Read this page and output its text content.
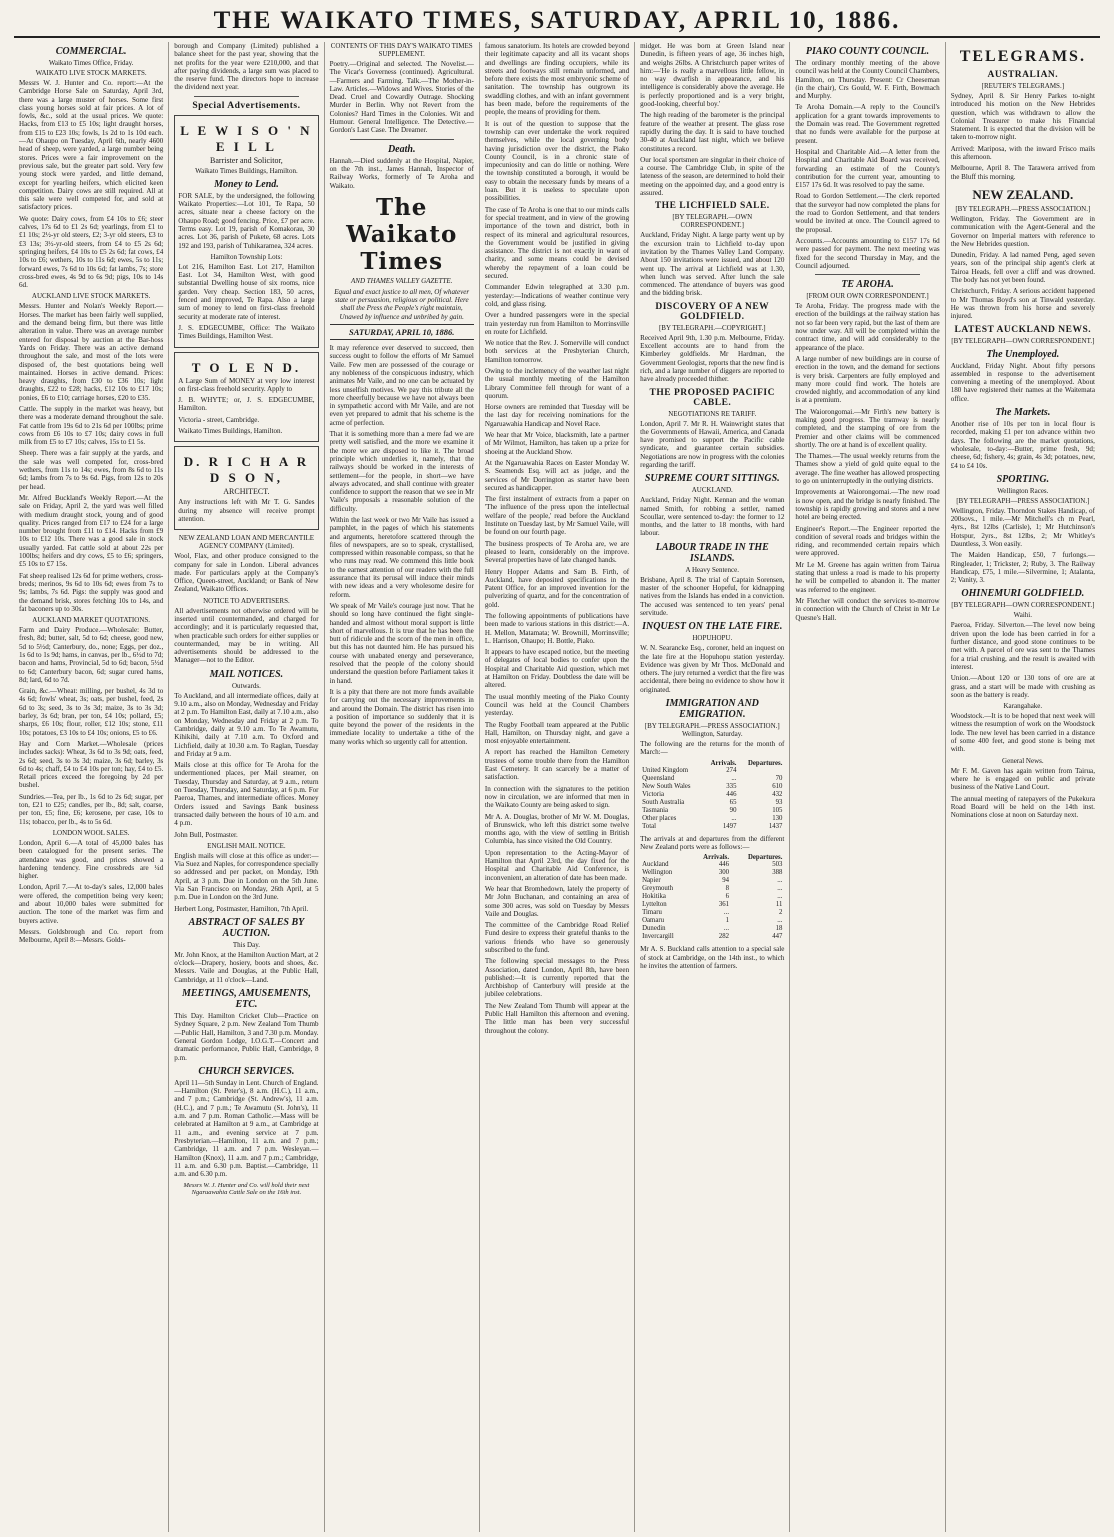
THE WAIKATO TIMES, SATURDAY, APRIL 10, 1886.
COMMERCIAL.
Waikato Times Office, Friday.
WAIKATO LIVE STOCK MARKETS.

Messrs W. J. Hunter and Co. report:—At the Cambridge Horse Sale on Saturday, April 3rd, there was a large muster of horses. Some first class young horses sold at fair prices. A lot of fowls, &c., sold at the usual prices. We quote: Hacks, from £13 to £5 10s; light draught horses, from £15 to £23 10s; fowls, 1s 2d to 1s 10d each. —At Ohaupo on Tuesday, April 6th, nearly 4600 head of sheep, were yarded, a large number being stores. Prices were a fair improvement on the previous sale, but the greater part sold. Very few young stock were yarded, and little demand, except for yearling heifers, which elicited keen competition. Dairy cows are still required. All at this sale were well competed for, and sold at satisfactory prices.

We quote: Dairy cows, from £4 10s to £6; steer calves, 17s 6d to £1 2s 6d; yearlings, from £1 to £1 10s; 2½-yr old steers, £2; 3-yr old steers, £3 to £3 13s; 3½-yr-old steers, from £4 to £5 2s 6d; springing heifers, £4 10s to £5 2s 6d; fat cows, £4 10s to £6; wethers, 10s to 11s 6d; ewes, 5s to 11s; forward ewes, 7s 6d to 10s 6d; fat lambs, 7s; store cross-bred ewes, 4s 9d to 6s 9d; pigs, 10s to 14s 6d.

AUCKLAND LIVE STOCK MARKETS.

Messrs. Hunter and Nolan's Weekly Report.—Horses. The market has been fairly well supplied, and the demand being firm, but there was little alteration in value. There was an average number entered for disposal by auction at the Bar-hoss Yards on Friday. There was an active demand throughout the sale, and most of the lots were disposed of, the best quotations being well maintained. Horses in active demand. Prices: heavy draughts, from £30 to £36 10s; light draughts, £22 to £28; hacks, £12 10s to £17 10s; ponies, £6 to £10; carriage horses, £20 to £35.

Cattle. The supply in the market was heavy, but there was a moderate demand throughout the sale. Fat cattle from 19s 6d to 21s 6d per 100lbs; prime cows from £6 10s to £7 10s; dairy cows in full milk from £5 to £7 10s; calves, 15s to £1 5s.

Sheep. There was a fair supply at the yards, and the sale was well competed for, cross-bred wethers, from 11s to 14s; ewes, from 8s 6d to 11s 6d; lambs from 7s to 9s 6d. Pigs, from 12s to 20s per head.

Mr. Alfred Buckland's Weekly Report.—At the sale on Friday, April 2, the yard was well filled with medium draught stock, young and of good quality. Prices ranged from £17 to £24 for a large number brought from £11 to £14. Hacks from £9 10s to £12 10s. There was a good sale in stock usually yarded. Fat cattle sold at about 22s per 100lbs; heifers and dry cows, £5 to £6; springers, £5 10s to £7 15s.

Fat sheep realised 12s 6d for prime wethers, cross-breds; merinos, 9s 6d to 10s 6d; ewes from 7s to 9s; lambs, 7s 6d. Pigs: the supply was good and the demand brisk, stores fetching 10s to 14s, and fat baconers up to 30s.

AUCKLAND MARKET QUOTATIONS.

Farm and Dairy Produce.—Wholesale: Butter, fresh, 8d; butter, salt, 5d to 6d; cheese, good new, 5d to 5½d; Canterbury, do., none; Eggs, per doz., 1s 6d to 1s 9d; hams, in canvas, per lb., 6½d to 7d; bacon and hams, Provincial, 5d to 6d; bacon, 5½d to 6d; Canterbury bacon, 6d; sugar cured hams, 8d; lard, 6d to 7d.

Grain, &c.—Wheat: milling, per bushel, 4s 3d to 4s 6d; fowls' wheat, 3s; oats, per bushel, feed, 2s 6d to 3s; seed, 3s to 3s 3d; maize, 3s to 3s 3d; barley, 3s 6d; bran, per ton, £4 10s; pollard, £5; sharps, £6 10s; flour, roller, £12 10s; stone, £11 10s; potatoes, £3 10s to £4 10s; onions, £5 to £6.

Hay and Corn Market.—Wholesale (prices includes sacks): Wheat, 3s 6d to 3s 9d; oats, feed, 2s 6d; seed, 3s to 3s 3d; maize, 3s 6d; barley, 3s 6d to 4s; chaff, £4 to £4 10s per ton; hay, £4 to £5. Retail prices exceed the foregoing by 2d per bushel.

Sundries.—Tea, per lb., 1s 6d to 2s 6d; sugar, per ton, £21 to £25; candles, per lb., 8d; salt, coarse, per ton, £5; fine, £6; kerosene, per case, 10s to 11s; tobacco, per lb., 4s to 5s 6d.

LONDON WOOL SALES.

London, April 6.—A total of 45,000 bales has been catalogued for the present series. The attendance was good, and prices showed a hardening tendency. Fine crossbreds are ¼d higher.

London, April 7.—At to-day's sales, 12,000 bales were offered, the competition being very keen; and about 10,000 bales were submitted for auction. The tone of the market was firm and buyers active.

Messrs. Goldsbrough and Co. report from Melbourne, April 8:—Messrs. Golds-

borough and Company (Limited) published a balance sheet for the past year, showing that the net profits for the year were £210,000, and that after paying dividends, a large sum was placed to the reserve fund. The directors hope to increase the dividend next year.

Special Advertisements.
L E W I S O ' N E I L L
Barrister and Solicitor,
Waikato Times Buildings, Hamilton.
Money to Lend.

FOR SALE, by the undersigned, the following Waikato Properties:—Lot 101, Te Rapa, 50 acres, situate near a cheese factory on the Ohaupo Road; good fencing. Price, £7 per acre. Terms easy. Lot 19, parish of Komakorau, 30 acres. Lot 36, parish of Pukete, 68 acres. Lots 192 and 193, parish of Tuhikaramea, 324 acres.

Hamilton Township Lots:

Lot 216, Hamilton East. Lot 217, Hamilton East. Lot 34, Hamilton West, with good substantial Dwelling house of six rooms, nice garden. Very cheap. Section 183, 50 acres, fenced and improved, Te Rapa. Also a large sum of money to lend on first-class freehold security at moderate rate of interest.

J. S. EDGECUMBE, Office: The Waikato Times Buildings, Hamilton West.

T O L E N D.

A Large Sum of MONEY at very low interest on first-class freehold security. Apply to

J. B. WHYTE; or, J. S. EDGECUMBE, Hamilton.

Victoria - street, Cambridge.

Waikato Times Buildings, Hamilton.

D. R I C H A R D S O N,
ARCHITECT.

Any instructions left with Mr T. G. Sandes during my absence will receive prompt attention.

NEW ZEALAND LOAN AND MERCANTILE AGENCY COMPANY (Limited).

Wool, Flax, and other produce consigned to the company for sale in London. Liberal advances made. For particulars apply at the Company's Office, Queen-street, Auckland; or Bank of New Zealand, Waikato Offices.

NOTICE TO ADVERTISERS.

All advertisements not otherwise ordered will be inserted until countermanded, and charged for accordingly; and it is particularly requested that, when practicable such orders for either supplies or countermanded, may be in writing. All advertisements should be addressed to the Manager—not to the Editor.

MAIL NOTICES.
Outwards.

To Auckland, and all intermediate offices, daily at 9.10 a.m., also on Monday, Wednesday and Friday at 2 p.m. To Hamilton East, daily at 7.10 a.m., also on Monday, Wednesday and Friday at 2 p.m. To Cambridge, daily at 9.10 a.m. To Te Awamutu, Kihikihi, daily at 7.10 a.m. To Oxford and Lichfield, daily at 10.30 a.m. To Raglan, Tuesday and Friday at 9 a.m.

Mails close at this office for Te Aroha for the undermentioned places, per Mail steamer, on Tuesday, Thursday and Saturday, at 9 a.m., return on Tuesday, Thursday, and Saturday, at 6 p.m. For Paeroa, Thames, and intermediate offices. Money Orders issued and Savings Bank business transacted daily between the hours of 10 a.m. and 4 p.m.

John Bull, Postmaster.

ENGLISH MAIL NOTICE.

English mails will close at this office as under:—Via Suez and Naples, for correspondence specially so addressed and per packet, on Monday, 19th April, at 3 p.m. Due in London on the 5th June. Via San Francisco on Monday, 26th April, at 5 p.m. Due in London on the 3rd June.

Herbert Long, Postmaster, Hamilton, 7th April.

ABSTRACT OF SALES BY AUCTION.
This Day.

Mr. John Knox, at the Hamilton Auction Mart, at 2 o'clock—Drapery, hosiery, boots and shoes, &c. Messrs. Vaile and Douglas, at the Public Hall, Cambridge, at 11 o'clock—Land.

MEETINGS, AMUSEMENTS, ETC.

This Day. Hamilton Cricket Club—Practice on Sydney Square, 2 p.m. New Zealand Tom Thumb—Public Hall, Hamilton, 3 and 7.30 p.m. Monday. General Gordon Lodge, I.O.G.T.—Concert and dramatic performance, Public Hall, Cambridge, 8 p.m.

CHURCH SERVICES.

April 11—5th Sunday in Lent. Church of England.—Hamilton (St. Peter's), 8 a.m. (H.C.), 11 a.m., and 7 p.m.; Cambridge (St. Andrew's), 11 a.m. (H.C.), and 7 p.m.; Te Awamutu (St. John's), 11 a.m. and 7 p.m. Roman Catholic.—Mass will be celebrated at Hamilton at 9 a.m., at Cambridge at 11 a.m., and evening service at 7 p.m. Presbyterian.—Hamilton, 11 a.m. and 7 p.m.; Cambridge, 11 a.m. and 7 p.m. Wesleyan.—Hamilton (Knox), 11 a.m. and 7 p.m.; Cambridge, 11 a.m. and 6.30 p.m. Baptist.—Cambridge, 11 a.m. and 6.30 p.m.

Messrs W. J. Hunter and Co. will hold their next Ngaruawahia Cattle Sale on the 16th inst.
CONTENTS OF THIS DAY'S WAIKATO TIMES SUPPLEMENT.

Poetry.—Original and selected. The Novelist.—The Vicar's Governess (continued). Agricultural.—Farmers and Farming. Talk.—The Mother-in-Law. Articles.—Widows and Wives. Stories of the Dead. Cruel and Cowardly Outrage. Shocking Murder in Berlin. Why not Revert from the Colonies? Hard Times in the Colonies. Wit and Humour. General Intelligence. The Detective.—Gordon's Last Case. The Dreamer.

Death.

Hannah.—Died suddenly at the Hospital, Napier, on the 7th inst., James Hannah, Inspector of Railway Works, formerly of Te Aroha and Waikato.

The Waikato Times
AND THAMES VALLEY GAZETTE.

Equal and exact justice to all men, Of whatever state or persuasion, religious or political. Here shall the Press the People's right maintain, Unawed by influence and unbribed by gain.

SATURDAY, APRIL 10, 1886.

It may reference ever deserved to succeed, then success ought to follow the efforts of Mr Samuel Vaile. Few men are possessed of the courage or any nobleness of the conspicuous industry, which animates Mr Vaile, and no one can be actuated by less unselfish motives. We pay this tribute all the more cheerfully because we have not always been in sympathetic accord with Mr Vaile, and are not even yet prepared to admit that his scheme is the acme of perfection.

That it is something more than a mere fad we are pretty well satisfied, and the more we examine it the more we are disposed to like it. The broad principle which underlies it, namely, that the railways should be worked in the interests of settlement—for the people, in short—we have always advocated, and shall continue with greater confidence to support the reason that we see in Mr Vaile's proposals a reasonable solution of the difficulty.

Within the last week or two Mr Vaile has issued a pamphlet, in the pages of which his statements and arguments, heretofore scattered through the files of newspapers, are so to speak, crystallised, compressed within reasonable compass, so that he who runs may read. We commend this little book to the earnest attention of our readers with the full assurance that its perusal will induce their minds with new ideas and a very wholesome desire for reform.

We speak of Mr Vaile's courage just now. That he should so long have continued the fight single-handed and almost without moral support is little short of marvellous. It is true that he has been the butt of ridicule and the scorn of the men in office, but this has not daunted him. He has pursued his course with unabated energy and perseverance, resolved that the people of the colony should understand the question before Parliament takes it in hand.

It is a pity that there are not more funds available for carrying out the necessary improvements in and around the Domain. The district has risen into a position of importance so suddenly that it is quite beyond the power of the residents in the immediate locality to undertake a tithe of the many works which so urgently call for attention.

famous sanatorium. Its hotels are crowded beyond their legitimate capacity and all its vacant shops and dwellings are finding occupiers, while its streets and footways still remain unformed, and before there exists the most embryonic scheme of sanitation. The township has outgrown its swaddling clothes, and with an infant government has been made, before the requirements of the people, the means of providing for them.

It is out of the question to suppose that the township can ever undertake the work required themselves, while the local governing body having jurisdiction over the district, the Piako County Council, is in a chronic state of impecuniosity and can do little or nothing. Were the township constituted a borough, it would be easy to obtain the necessary funds by means of a loan. But it is useless to speculate upon possibilities.

The case of Te Aroha is one that to our minds calls for special treatment, and in view of the growing importance of the town and district, both in respect of its mineral and agricultural resources, the Government would be justified in giving assistance. The district is not exactly in want of charity, and some means could be devised whereby the repayment of a loan could be secured.

Commander Edwin telegraphed at 3.30 p.m. yesterday:—Indications of weather continue very cold, and glass rising.

Over a hundred passengers were in the special train yesterday run from Hamilton to Morrinsville en route for Lichfield.

We notice that the Rev. J. Somerville will conduct both services at the Presbyterian Church, Hamilton tomorrow.

Owing to the inclemency of the weather last night the usual monthly meeting of the Hamilton Library Committee fell through for want of a quorum.

Horse owners are reminded that Tuesday will be the last day for receiving nominations for the Ngaruawahia Handicap and Novel Race.

We hear that Mr Voice, blacksmith, late a partner of Mr Wilmot, Hamilton, has taken up a prize for shoeing at the Auckland Show.

At the Ngaruawahia Races on Easter Monday W. S. Seamends Esq. will act as judge, and the services of Mr Dorrington as starter have been secured as handicapper.

The first instalment of extracts from a paper on 'The influence of the press upon the intellectual welfare of the people,' read before the Auckland Institute on Tuesday last, by Mr Samuel Vaile, will be found on our fourth page.

The business prospects of Te Aroha are, we are pleased to learn, considerably on the improve. Several properties have of late changed hands.

Henry Hopper Adams and Sam B. Firth, of Auckland, have deposited specifications in the Patent Office, for an improved invention for the pulverizing of quartz, and for the concentration of gold.

The following appointments of publications have been made to various stations in this district:—A. H. Mellon, Matamata; W. Brownill, Morrinsville; L. Harrison, Ohaupo; H. Bottle, Piako.

It appears to have escaped notice, but the meeting of delegates of local bodies to confer upon the Hospital and Charitable Aid question, which met at Hamilton on Friday. Doubtless the date will be altered.

The usual monthly meeting of the Piako County Council was held at the Council Chambers yesterday.

The Rugby Football team appeared at the Public Hall, Hamilton, on Thursday night, and gave a most enjoyable entertainment.

A report has reached the Hamilton Cemetery trustees of some trouble there from the Hamilton East Cemetery. It can scarcely be a matter of satisfaction.

In connection with the signatures to the petition now in circulation, we are informed that men in the Waikato County are being asked to sign.

Mr A. A. Douglas, brother of Mr W. M. Douglas, of Brunswick, who left this district some twelve months ago, with the view of settling in British Columbia, has since visited the Old Country.

Upon representation to the Acting-Mayor of Hamilton that April 23rd, the day fixed for the Hospital and Charitable Aid Conference, is inconvenient, an alteration of date has been made.

We hear that Bromhedown, lately the property of Mr John Buchanan, and containing an area of some 300 acres, was sold on Tuesday by Messrs Vaile and Douglas.

The committee of the Cambridge Road Relief Fund desire to express their grateful thanks to the various friends who have so generously subscribed to the fund.

The following special messages to the Press Association, dated London, April 8th, have been published:—It is currently reported that the Archbishop of Canterbury will preside at the jubilee celebrations.

The New Zealand Tom Thumb will appear at the Public Hall Hamilton this afternoon and evening. The little man has been very successful throughout the colony.

midget. He was born at Green Island near Dunedin, is fifteen years of age, 36 inches high, and weighs 26lbs. A Christchurch paper writes of him:—'He is really a marvellous little fellow, in no way dwarfish in appearance, and his intelligence is considerably above the average. He is perfectly proportioned and is a very bright, good-looking, cheerful boy.'

The high reading of the barometer is the principal feature of the weather at present. The glass rose rapidly during the day. It is said to have touched 30-40 at Auckland last night, which we believe constitutes a record.

Our local sportsmen are singular in their choice of a course. The Cambridge Club, in spite of the lateness of the season, are determined to hold their meeting on the appointed day, and a good entry is assured.

THE LICHFIELD SALE.
[BY TELEGRAPH.—OWN CORRESPONDENT.]

Auckland, Friday Night. A large party went up by the excursion train to Lichfield to-day upon invitation by the Thames Valley Land Company. About 150 invitations were issued, and about 120 went up. The arrival at Lichfield was at 1.30, when lunch was served. After lunch the sale commenced. The attendance of buyers was good and the bidding brisk.

DISCOVERY OF A NEW GOLDFIELD.
[BY TELEGRAPH.—COPYRIGHT.]

Received April 9th, 1.30 p.m. Melbourne, Friday. Excellent accounts are to hand from the Kimberley goldfields. Mr Hardman, the Government Geologist, reports that the new find is rich, and a large number of diggers are reported to have already proceeded thither.

THE PROPOSED PACIFIC CABLE.
NEGOTIATIONS RE TARIFF.

London, April 7. Mr R. H. Wainwright states that the Governments of Hawaii, America, and Canada have promised to support the Pacific cable syndicate, and guarantee certain subsidies. Negotiations are now in progress with the colonies regarding the tariff.

SUPREME COURT SITTINGS.
AUCKLAND.

Auckland, Friday Night. Kennan and the woman named Smith, for robbing a settler, named Scoullar, were sentenced to-day: the former to 12 months, and the latter to 18 months, with hard labour.

LABOUR TRADE IN THE ISLANDS.
A Heavy Sentence.

Brisbane, April 8. The trial of Captain Sorensen, master of the schooner Hopeful, for kidnapping natives from the Islands has ended in a conviction. The accused was sentenced to ten years' penal servitude.

INQUEST ON THE LATE FIRE.
HOPUHOPU.

W. N. Searancke Esq., coroner, held an inquest on the late fire at the Hopuhopu station yesterday. Evidence was given by Mr Thos. McDonald and others. The jury returned a verdict that the fire was accidental, there being no evidence to show how it originated.

IMMIGRATION AND EMIGRATION.
[BY TELEGRAPH.—PRESS ASSOCIATION.] Wellington, Saturday.

The following are the returns for the month of March:—

	Arrivals.	Departures.
United Kingdom	274	
Queensland	...	70
New South Wales	335	610
Victoria	446	432
South Australia	65	93
Tasmania	90	105
Other places	...	130
Total	1497	1437

The arrivals at and departures from the different New Zealand ports were as follows:—

	Arrivals.	Departures.
Auckland	446	503
Wellington	300	388
Napier	94	...
Greymouth	8	...
Hokitika	6	...
Lyttelton	361	11
Timaru	...	2
Oamaru	1	...
Dunedin	...	18
Invercargill	282	447

Mr A. S. Buckland calls attention to a special sale of stock at Cambridge, on the 14th inst., to which he invites the attention of farmers.

PIAKO COUNTY COUNCIL.

The ordinary monthly meeting of the above council was held at the County Council Chambers, Hamilton, on Thursday. Present: Cr Cheeseman (in the chair), Crs Gould, W. F. Firth, Bowmach and Murphy.

Te Aroha Domain.—A reply to the Council's application for a grant towards improvements to the Domain was read. The Government regretted that no funds were available for the purpose at present.

Hospital and Charitable Aid.—A letter from the Hospital and Charitable Aid Board was received, forwarding an estimate of the County's contribution for the current year, amounting to £157 17s 6d. It was resolved to pay the same.

Road to Gordon Settlement.—The clerk reported that the surveyor had now completed the plans for the road to Gordon Settlement, and that tenders would be invited at once. The Council agreed to the proposal.

Accounts.—Accounts amounting to £157 17s 6d were passed for payment. The next meeting was fixed for the second Thursday in May, and the Council adjourned.

TE AROHA.
[FROM OUR OWN CORRESPONDENT.]

Te Aroha, Friday. The progress made with the erection of the buildings at the railway station has not so far been very rapid, but the last of them are now under way. All will be completed within the contract time, and will add considerably to the appearance of the place.

A large number of new buildings are in course of erection in the town, and the demand for sections is very brisk. Carpenters are fully employed and many more could find work. The hotels are crowded nightly, and accommodation of any kind is at a premium.

The Waiorongomai.—Mr Firth's new battery is making good progress. The tramway is nearly completed, and the stamping of ore from the Premier and other claims will be commenced shortly. The ore at hand is of excellent quality.

The Thames.—The usual weekly returns from the Thames show a yield of gold quite equal to the average. The fine weather has allowed prospecting to go on uninterruptedly in the outlying districts.

Improvements at Waiorongomai.—The new road is now open, and the bridge is nearly finished. The township is rapidly growing and stores and a new hotel are being erected.

Engineer's Report.—The Engineer reported the condition of several roads and bridges within the riding, and recommended certain repairs which were approved.

Mr Le M. Greene has again written from Tairua stating that unless a road is made to his property he will be compelled to abandon it. The matter was referred to the engineer.

Mr Fletcher will conduct the services to-morrow in connection with the Church of Christ in Mr Le Quesne's Hall.

TELEGRAMS.
AUSTRALIAN.
[REUTER'S TELEGRAMS.]

Sydney, April 8. Sir Henry Parkes to-night introduced his motion on the New Hebrides question, which was withdrawn to allow the Colonial Treasurer to make his Financial Statement. It is expected that the division will be taken to-morrow night.

Arrived: Mariposa, with the inward Frisco mails this afternoon.

Melbourne, April 8. The Tarawera arrived from the Bluff this morning.

NEW ZEALAND.
[BY TELEGRAPH.—PRESS ASSOCIATION.]

Wellington, Friday. The Government are in communication with the Agent-General and the Governor on Imperial matters with reference to the New Hebrides question.

Dunedin, Friday. A lad named Peng, aged seven years, son of the principal ship agent's clerk at Tairoa Heads, fell over a cliff and was drowned. The body has not yet been found.

Christchurch, Friday. A serious accident happened to Mr Thomas Boyd's son at Tinwald yesterday. He was thrown from his horse and severely injured.

LATEST AUCKLAND NEWS.
[BY TELEGRAPH—OWN CORRESPONDENT.]
The Unemployed.

Auckland, Friday Night. About fifty persons assembled in response to the advertisement convening a meeting of the unemployed. About 180 have registered their names at the Waitemata office.

The Markets.

Another rise of 10s per ton in local flour is recorded, making £1 per ton advance within two days. The following are the market quotations, wholesale, to-day:—Butter, prime fresh, 9d; cheese, 6d; fishery, 4s; grain, 4s 3d; potatoes, new, £4 to £4 10s.

SPORTING.
Wellington Races.
[BY TELEGRAPH—PRESS ASSOCIATION.]

Wellington, Friday. Thorndon Stakes Handicap, of 200sovs., 1 mile.—Mr Mitchell's ch m Pearl, 4yrs., 8st 12lbs (Carlisle), 1; Mr Hutchinson's Hotspur, 2yrs., 8st 12lbs, 2; Mr Whitley's Dauntless, 3. Won easily.

The Maiden Handicap, £50, 7 furlongs.—Ringleader, 1; Trickster, 2; Ruby, 3. The Railway Handicap, £75, 1 mile.—Silvermine, 1; Atalanta, 2; Vanity, 3.

OHINEMURI GOLDFIELD.
[BY TELEGRAPH—OWN CORRESPONDENT.]
Waihi.

Paeroa, Friday. Silverton.—The level now being driven upon the lode has been carried in for a further distance, and good stone continues to be met with. A parcel of ore was sent to the Thames for a trial crushing, and the result is awaited with interest.

Union.—About 120 or 130 tons of ore are at grass, and a start will be made with crushing as soon as the battery is ready.

Karangahake.

Woodstock.—It is to be hoped that next week will witness the resumption of work on the Woodstock lode. The new level has been carried in a distance of some 400 feet, and good stone is being met with.

General News.

Mr F. M. Gaven has again written from Tairua, where he is engaged on public and private business of the Native Land Court.

The annual meeting of ratepayers of the Pukekura Road Board will be held on the 14th inst. Nominations close at noon on Saturday next.
